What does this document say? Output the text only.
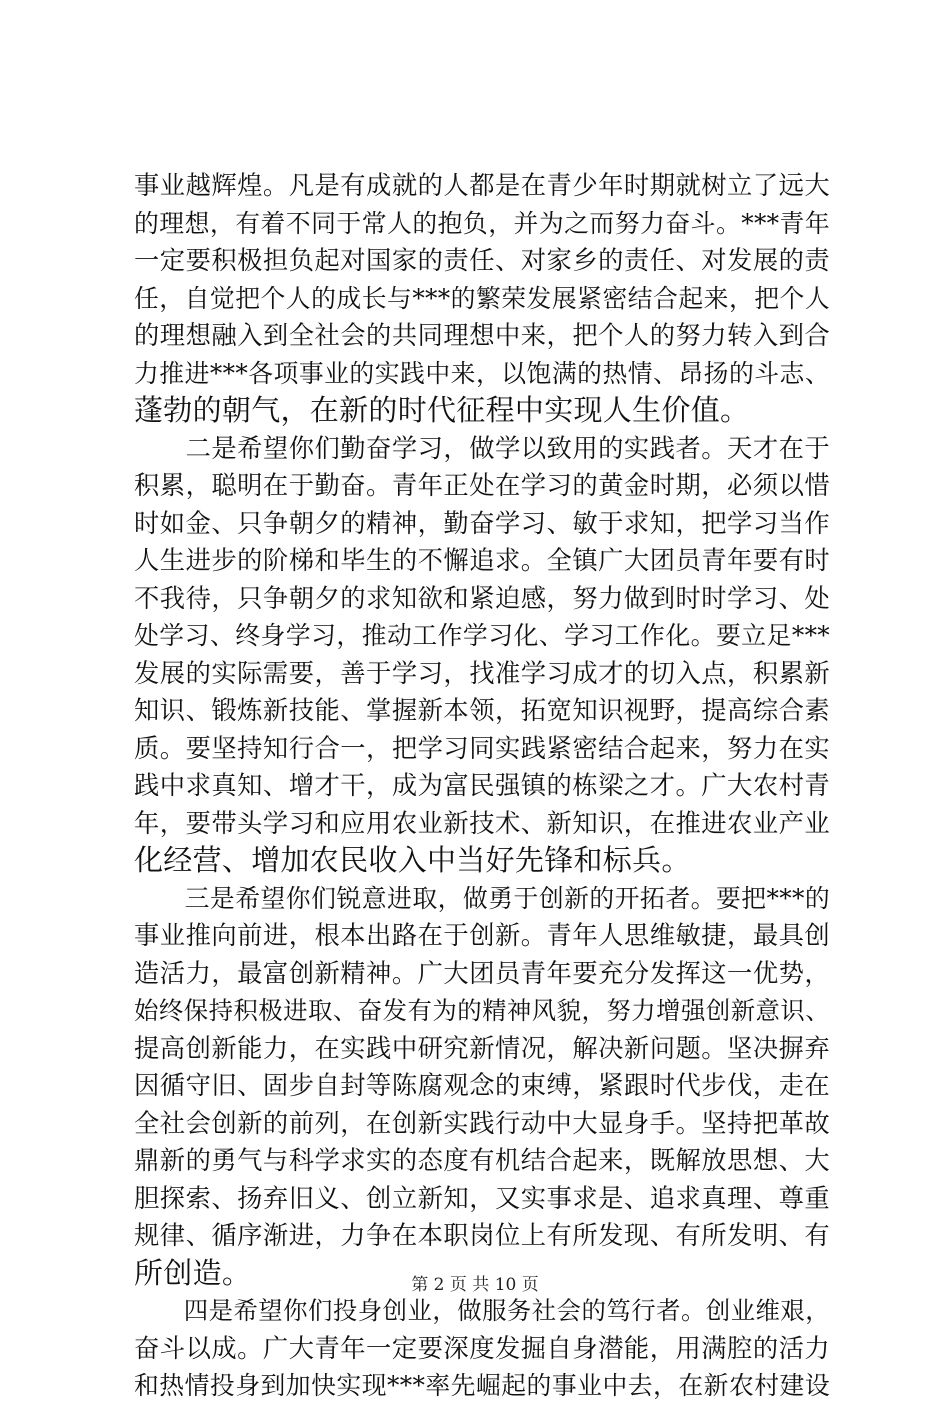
事业越辉煌。凡是有成就的人都是在青少年时期就树立了远大
的理想，有着不同于常人的抱负，并为之而努力奋斗。***青年
一定要积极担负起对国家的责任、对家乡的责任、对发展的责
任，自觉把个人的成长与***的繁荣发展紧密结合起来，把个人
的理想融入到全社会的共同理想中来，把个人的努力转入到合
力推进***各项事业的实践中来，以饱满的热情、昂扬的斗志、
蓬勃的朝气，在新的时代征程中实现人生价值。
　　二是希望你们勤奋学习，做学以致用的实践者。天才在于
积累，聪明在于勤奋。青年正处在学习的黄金时期，必须以惜
时如金、只争朝夕的精神，勤奋学习、敏于求知，把学习当作
人生进步的阶梯和毕生的不懈追求。全镇广大团员青年要有时
不我待，只争朝夕的求知欲和紧迫感，努力做到时时学习、处
处学习、终身学习，推动工作学习化、学习工作化。要立足***
发展的实际需要，善于学习，找准学习成才的切入点，积累新
知识、锻炼新技能、掌握新本领，拓宽知识视野，提高综合素
质。要坚持知行合一，把学习同实践紧密结合起来，努力在实
践中求真知、增才干，成为富民强镇的栋梁之才。广大农村青
年，要带头学习和应用农业新技术、新知识，在推进农业产业
化经营、增加农民收入中当好先锋和标兵。
　　三是希望你们锐意进取，做勇于创新的开拓者。要把***的
事业推向前进，根本出路在于创新。青年人思维敏捷，最具创
造活力，最富创新精神。广大团员青年要充分发挥这一优势，
始终保持积极进取、奋发有为的精神风貌，努力增强创新意识、
提高创新能力，在实践中研究新情况，解决新问题。坚决摒弃
因循守旧、固步自封等陈腐观念的束缚，紧跟时代步伐，走在
全社会创新的前列，在创新实践行动中大显身手。坚持把革故
鼎新的勇气与科学求实的态度有机结合起来，既解放思想、大
胆探索、扬弃旧义、创立新知，又实事求是、追求真理、尊重
规律、循序渐进，力争在本职岗位上有所发现、有所发明、有
所创造。
　　四是希望你们投身创业，做服务社会的笃行者。创业维艰，
奋斗以成。广大青年一定要深度发掘自身潜能，用满腔的活力
和热情投身到加快实现***率先崛起的事业中去，在新农村建设
第 2 页 共 10 页
